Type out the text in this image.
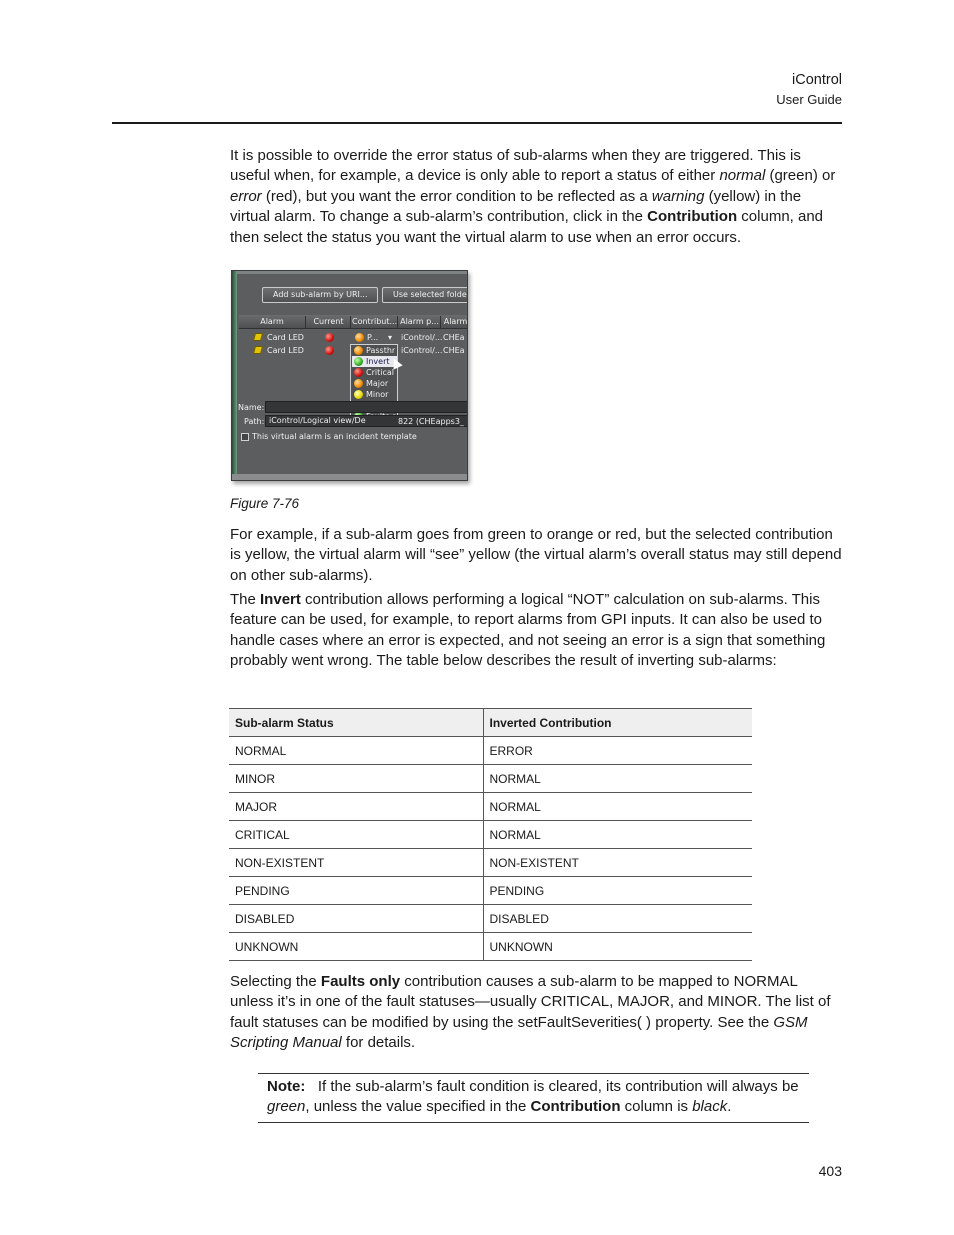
iControl
User Guide

It is possible to override the error status of sub-alarms when they are triggered. This is useful when, for example, a device is only able to report a status of either normal (green) or error (red), but you want the error condition to be reflected as a warning (yellow) in the virtual alarm. To change a sub-alarm’s contribution, click in the Contribution column, and then select the status you want the virtual alarm to use when an error occurs.

Add sub-alarm by URI...	Use selected folde
Alarm	Current	Contribut... Alarm p... Alarm
Card LED	P... ▾ iControl/... CHEa
Card LED	iControl/... CHEa
Passthr
Invert
Critical
Major
Minor
Name:
Path: iControl/Logical view/De	822 (CHEapps3_
This virtual alarm is an incident template
Figure 7-76

For example, if a sub-alarm goes from green to orange or red, but the selected contribution is yellow, the virtual alarm will “see” yellow (the virtual alarm’s overall status may still depend on other sub-alarms).

The Invert contribution allows performing a logical “NOT” calculation on sub-alarms. This feature can be used, for example, to report alarms from GPI inputs. It can also be used to handle cases where an error is expected, and not seeing an error is a sign that something probably went wrong. The table below describes the result of inverting sub-alarms:

Sub-alarm Status	Inverted Contribution
NORMAL	ERROR
MINOR	NORMAL
MAJOR	NORMAL
CRITICAL	NORMAL
NON-EXISTENT	NON-EXISTENT
PENDING	PENDING
DISABLED	DISABLED
UNKNOWN	UNKNOWN

Selecting the Faults only contribution causes a sub-alarm to be mapped to NORMAL unless it’s in one of the fault statuses—usually CRITICAL, MAJOR, and MINOR. The list of fault statuses can be modified by using the setFaultSeverities( ) property. See the GSM Scripting Manual for details.

Note: If the sub-alarm’s fault condition is cleared, its contribution will always be green, unless the value specified in the Contribution column is black.

403
